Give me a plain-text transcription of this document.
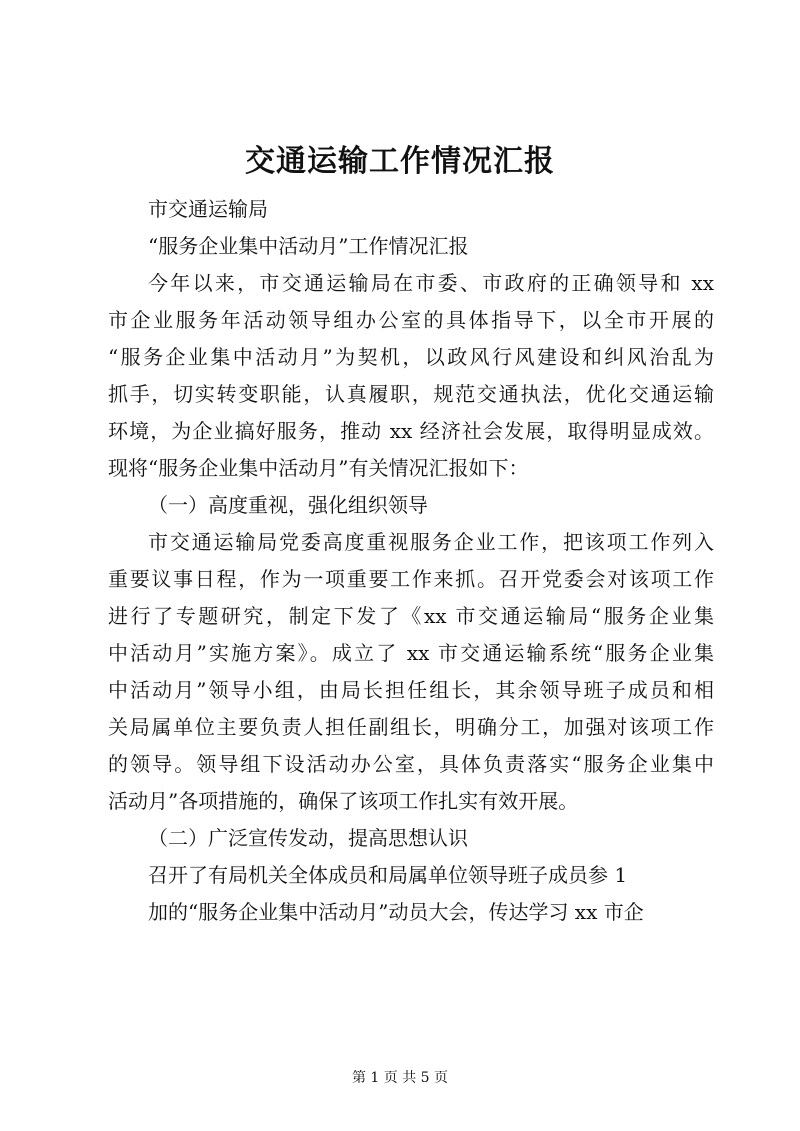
交通运输工作情况汇报
市交通运输局
“服务企业集中活动月”工作情况汇报
今年以来，市交通运输局在市委、市政府的正确领导和 xx
市企业服务年活动领导组办公室的具体指导下，以全市开展的
“服务企业集中活动月”为契机，以政风行风建设和纠风治乱为
抓手，切实转变职能，认真履职，规范交通执法，优化交通运输
环境，为企业搞好服务，推动 xx 经济社会发展，取得明显成效。
现将“服务企业集中活动月”有关情况汇报如下：
（一）高度重视，强化组织领导
市交通运输局党委高度重视服务企业工作，把该项工作列入
重要议事日程，作为一项重要工作来抓。召开党委会对该项工作
进行了专题研究，制定下发了《xx 市交通运输局“服务企业集
中活动月”实施方案》。成立了 xx 市交通运输系统“服务企业集
中活动月”领导小组，由局长担任组长，其余领导班子成员和相
关局属单位主要负责人担任副组长，明确分工，加强对该项工作
的领导。领导组下设活动办公室，具体负责落实“服务企业集中
活动月”各项措施的，确保了该项工作扎实有效开展。
（二）广泛宣传发动，提高思想认识
召开了有局机关全体成员和局属单位领导班子成员参 1
加的“服务企业集中活动月”动员大会，传达学习 xx 市企
第 1 页 共 5 页
